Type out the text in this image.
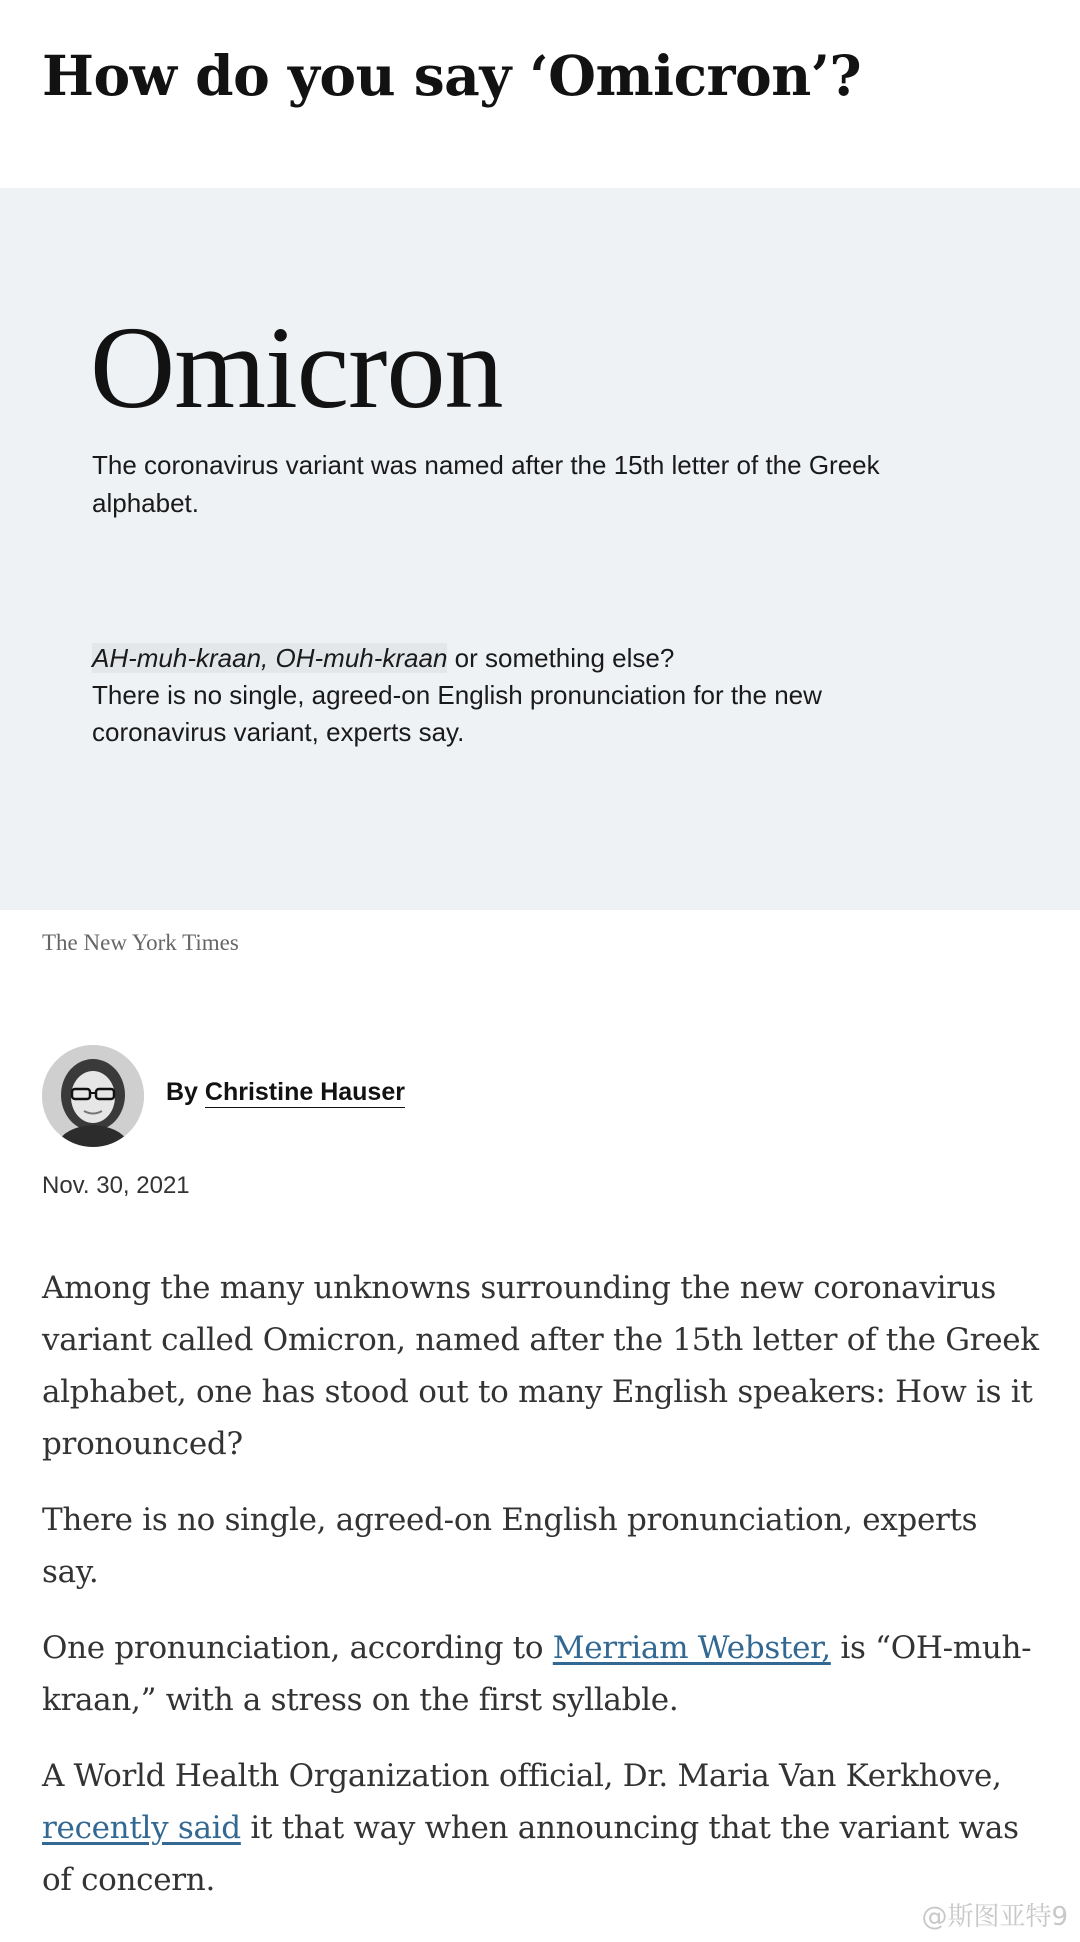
How do you say ‘Omicron’?
Omicron
The coronavirus variant was named after the 15th letter of the Greek alphabet.
AH-muh-kraan, OH-muh-kraan or something else?
There is no single, agreed-on English pronunciation for the new coronavirus variant, experts say.
The New York Times
By Christine Hauser
Nov. 30, 2021

Among the many unknowns surrounding the new coronavirus variant called Omicron, named after the 15th letter of the Greek alphabet, one has stood out to many English speakers: How is it pronounced?

There is no single, agreed-on English pronunciation, experts say.

One pronunciation, according to Merriam Webster, is “OH-muh-kraan,” with a stress on the first syllable.

A World Health Organization official, Dr. Maria Van Kerkhove, recently said it that way when announcing that the variant was of concern.

@斯图亚特9
